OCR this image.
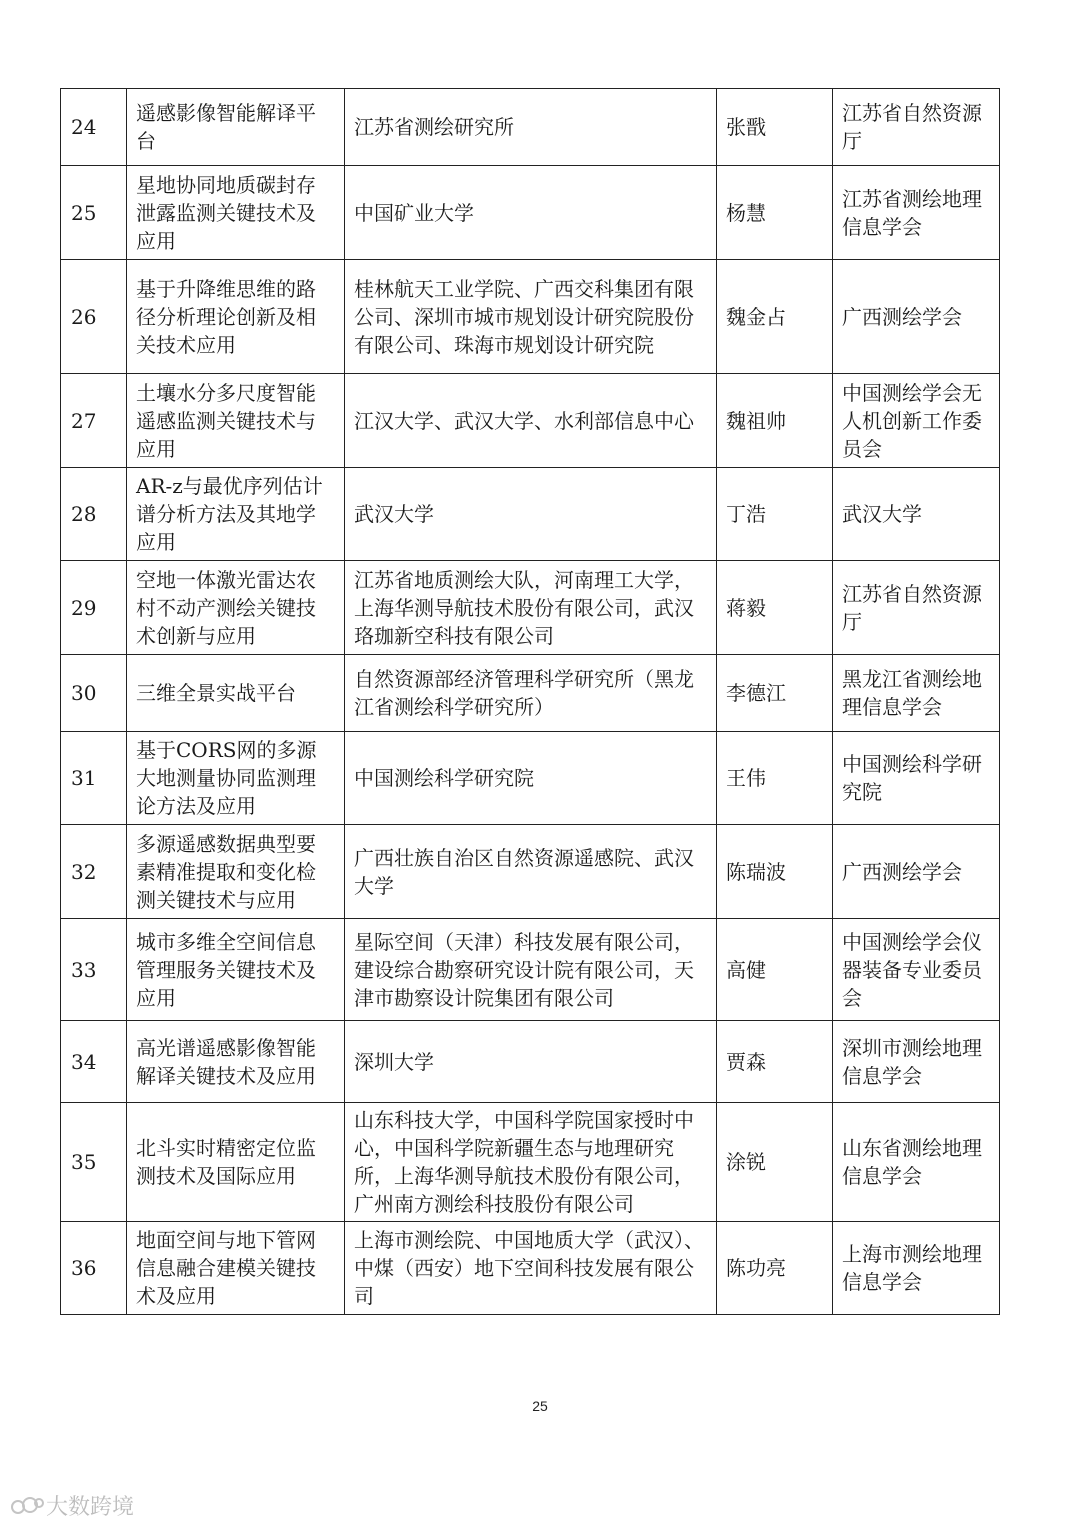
24	遥感影像智能解译平台	江苏省测绘研究所	张戬	江苏省自然资源厅
25	星地协同地质碳封存泄露监测关键技术及应用	中国矿业大学	杨慧	江苏省测绘地理信息学会
26	基于升降维思维的路径分析理论创新及相关技术应用	桂林航天工业学院、广西交科集团有限公司、深圳市城市规划设计研究院股份有限公司、珠海市规划设计研究院	魏金占	广西测绘学会
27	土壤水分多尺度智能遥感监测关键技术与应用	江汉大学、武汉大学、水利部信息中心	魏祖帅	中国测绘学会无人机创新工作委员会
28	AR-z与最优序列估计谱分析方法及其地学应用	武汉大学	丁浩	武汉大学
29	空地一体激光雷达农村不动产测绘关键技术创新与应用	江苏省地质测绘大队，河南理工大学，上海华测导航技术股份有限公司，武汉珞珈新空科技有限公司	蒋毅	江苏省自然资源厅
30	三维全景实战平台	自然资源部经济管理科学研究所（黑龙江省测绘科学研究所）	李德江	黑龙江省测绘地理信息学会
31	基于CORS网的多源大地测量协同监测理论方法及应用	中国测绘科学研究院	王伟	中国测绘科学研究院
32	多源遥感数据典型要素精准提取和变化检测关键技术与应用	广西壮族自治区自然资源遥感院、武汉大学	陈瑞波	广西测绘学会
33	城市多维全空间信息管理服务关键技术及应用	星际空间（天津）科技发展有限公司，建设综合勘察研究设计院有限公司，天津市勘察设计院集团有限公司	高健	中国测绘学会仪器装备专业委员会
34	高光谱遥感影像智能解译关键技术及应用	深圳大学	贾森	深圳市测绘地理信息学会
35	北斗实时精密定位监测技术及国际应用	山东科技大学，中国科学院国家授时中心，中国科学院新疆生态与地理研究所，上海华测导航技术股份有限公司，广州南方测绘科技股份有限公司	涂锐	山东省测绘地理信息学会
36	地面空间与地下管网信息融合建模关键技术及应用	上海市测绘院、中国地质大学（武汉）、中煤（西安）地下空间科技发展有限公司	陈功亮	上海市测绘地理信息学会
25
大数跨境
